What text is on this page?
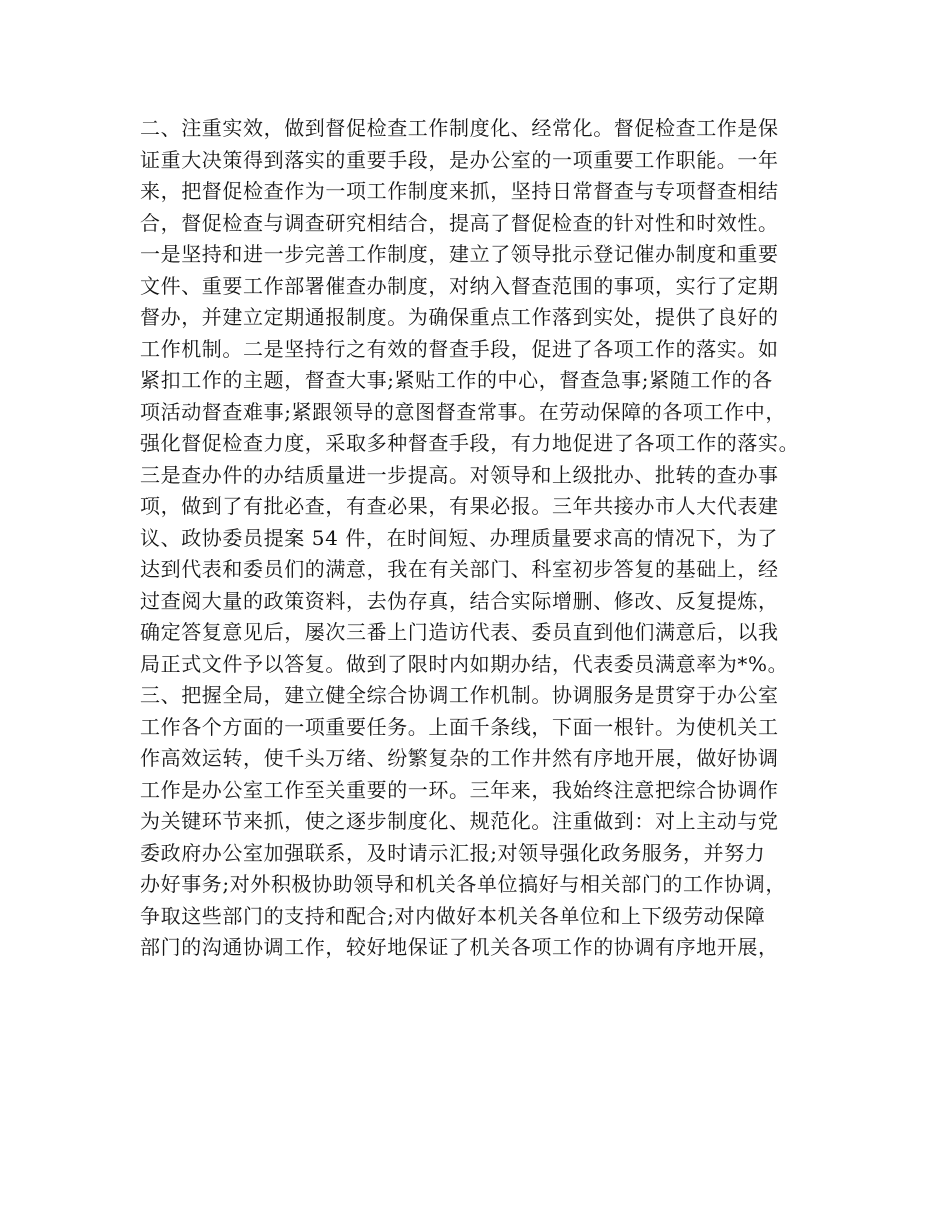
二、注重实效，做到督促检查工作制度化、经常化。督促检查工作是保
证重大决策得到落实的重要手段，是办公室的一项重要工作职能。一年
来，把督促检查作为一项工作制度来抓，坚持日常督查与专项督查相结
合，督促检查与调查研究相结合，提高了督促检查的针对性和时效性。
一是坚持和进一步完善工作制度，建立了领导批示登记催办制度和重要
文件、重要工作部署催查办制度，对纳入督查范围的事项，实行了定期
督办，并建立定期通报制度。为确保重点工作落到实处，提供了良好的
工作机制。二是坚持行之有效的督查手段，促进了各项工作的落实。如
紧扣工作的主题，督查大事;紧贴工作的中心，督查急事;紧随工作的各
项活动督查难事;紧跟领导的意图督查常事。在劳动保障的各项工作中，
强化督促检查力度，采取多种督查手段，有力地促进了各项工作的落实。
三是查办件的办结质量进一步提高。对领导和上级批办、批转的查办事
项，做到了有批必查，有查必果，有果必报。三年共接办市人大代表建
议、政协委员提案 54 件，在时间短、办理质量要求高的情况下，为了
达到代表和委员们的满意，我在有关部门、科室初步答复的基础上，经
过查阅大量的政策资料，去伪存真，结合实际增删、修改、反复提炼，
确定答复意见后，屡次三番上门造访代表、委员直到他们满意后，以我
局正式文件予以答复。做到了限时内如期办结，代表委员满意率为*%。
三、把握全局，建立健全综合协调工作机制。协调服务是贯穿于办公室
工作各个方面的一项重要任务。上面千条线，下面一根针。为使机关工
作高效运转，使千头万绪、纷繁复杂的工作井然有序地开展，做好协调
工作是办公室工作至关重要的一环。三年来，我始终注意把综合协调作
为关键环节来抓，使之逐步制度化、规范化。注重做到：对上主动与党
委政府办公室加强联系，及时请示汇报;对领导强化政务服务，并努力
办好事务;对外积极协助领导和机关各单位搞好与相关部门的工作协调，
争取这些部门的支持和配合;对内做好本机关各单位和上下级劳动保障
部门的沟通协调工作，较好地保证了机关各项工作的协调有序地开展，
